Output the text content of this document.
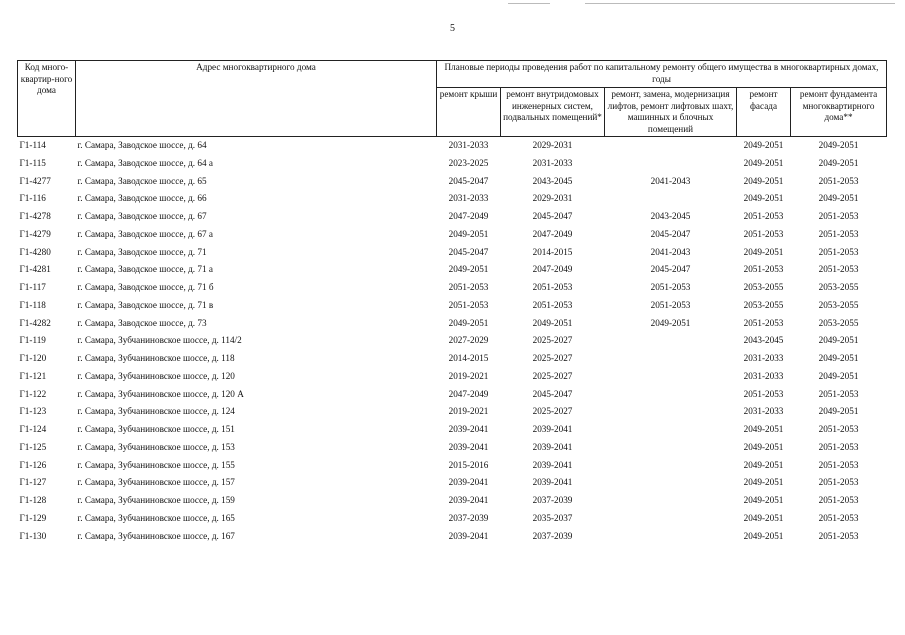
5
Код много-квартир-ного дома	Адрес многоквартирного дома	Плановые периоды проведения работ по капитальному ремонту общего имущества в многоквартирных домах, годы				
		ремонт крыши	ремонт внутридомовых инженерных систем, подвальных помещений*	ремонт, замена, модернизация лифтов, ремонт лифтовых шахт, машинных и блочных помещений	ремонт фасада	ремонт фундамента многоквартирного дома**
Г1-114	г. Самара, Заводское шоссе, д. 64	2031-2033	2029-2031		2049-2051	2049-2051
Г1-115	г. Самара, Заводское шоссе, д. 64 а	2023-2025	2031-2033		2049-2051	2049-2051
Г1-4277	г. Самара, Заводское шоссе, д. 65	2045-2047	2043-2045	2041-2043	2049-2051	2051-2053
Г1-116	г. Самара, Заводское шоссе, д. 66	2031-2033	2029-2031		2049-2051	2049-2051
Г1-4278	г. Самара, Заводское шоссе, д. 67	2047-2049	2045-2047	2043-2045	2051-2053	2051-2053
Г1-4279	г. Самара, Заводское шоссе, д. 67 а	2049-2051	2047-2049	2045-2047	2051-2053	2051-2053
Г1-4280	г. Самара, Заводское шоссе, д. 71	2045-2047	2014-2015	2041-2043	2049-2051	2051-2053
Г1-4281	г. Самара, Заводское шоссе, д. 71 а	2049-2051	2047-2049	2045-2047	2051-2053	2051-2053
Г1-117	г. Самара, Заводское шоссе, д. 71 б	2051-2053	2051-2053	2051-2053	2053-2055	2053-2055
Г1-118	г. Самара, Заводское шоссе, д. 71 в	2051-2053	2051-2053	2051-2053	2053-2055	2053-2055
Г1-4282	г. Самара, Заводское шоссе, д. 73	2049-2051	2049-2051	2049-2051	2051-2053	2053-2055
Г1-119	г. Самара, Зубчаниновское шоссе, д. 114/2	2027-2029	2025-2027		2043-2045	2049-2051
Г1-120	г. Самара, Зубчаниновское шоссе, д. 118	2014-2015	2025-2027		2031-2033	2049-2051
Г1-121	г. Самара, Зубчаниновское шоссе, д. 120	2019-2021	2025-2027		2031-2033	2049-2051
Г1-122	г. Самара, Зубчаниновское шоссе, д. 120 А	2047-2049	2045-2047		2051-2053	2051-2053
Г1-123	г. Самара, Зубчаниновское шоссе, д. 124	2019-2021	2025-2027		2031-2033	2049-2051
Г1-124	г. Самара, Зубчаниновское шоссе, д. 151	2039-2041	2039-2041		2049-2051	2051-2053
Г1-125	г. Самара, Зубчаниновское шоссе, д. 153	2039-2041	2039-2041		2049-2051	2051-2053
Г1-126	г. Самара, Зубчаниновское шоссе, д. 155	2015-2016	2039-2041		2049-2051	2051-2053
Г1-127	г. Самара, Зубчаниновское шоссе, д. 157	2039-2041	2039-2041		2049-2051	2051-2053
Г1-128	г. Самара, Зубчаниновское шоссе, д. 159	2039-2041	2037-2039		2049-2051	2051-2053
Г1-129	г. Самара, Зубчаниновское шоссе, д. 165	2037-2039	2035-2037		2049-2051	2051-2053
Г1-130	г. Самара, Зубчаниновское шоссе, д. 167	2039-2041	2037-2039		2049-2051	2051-2053
